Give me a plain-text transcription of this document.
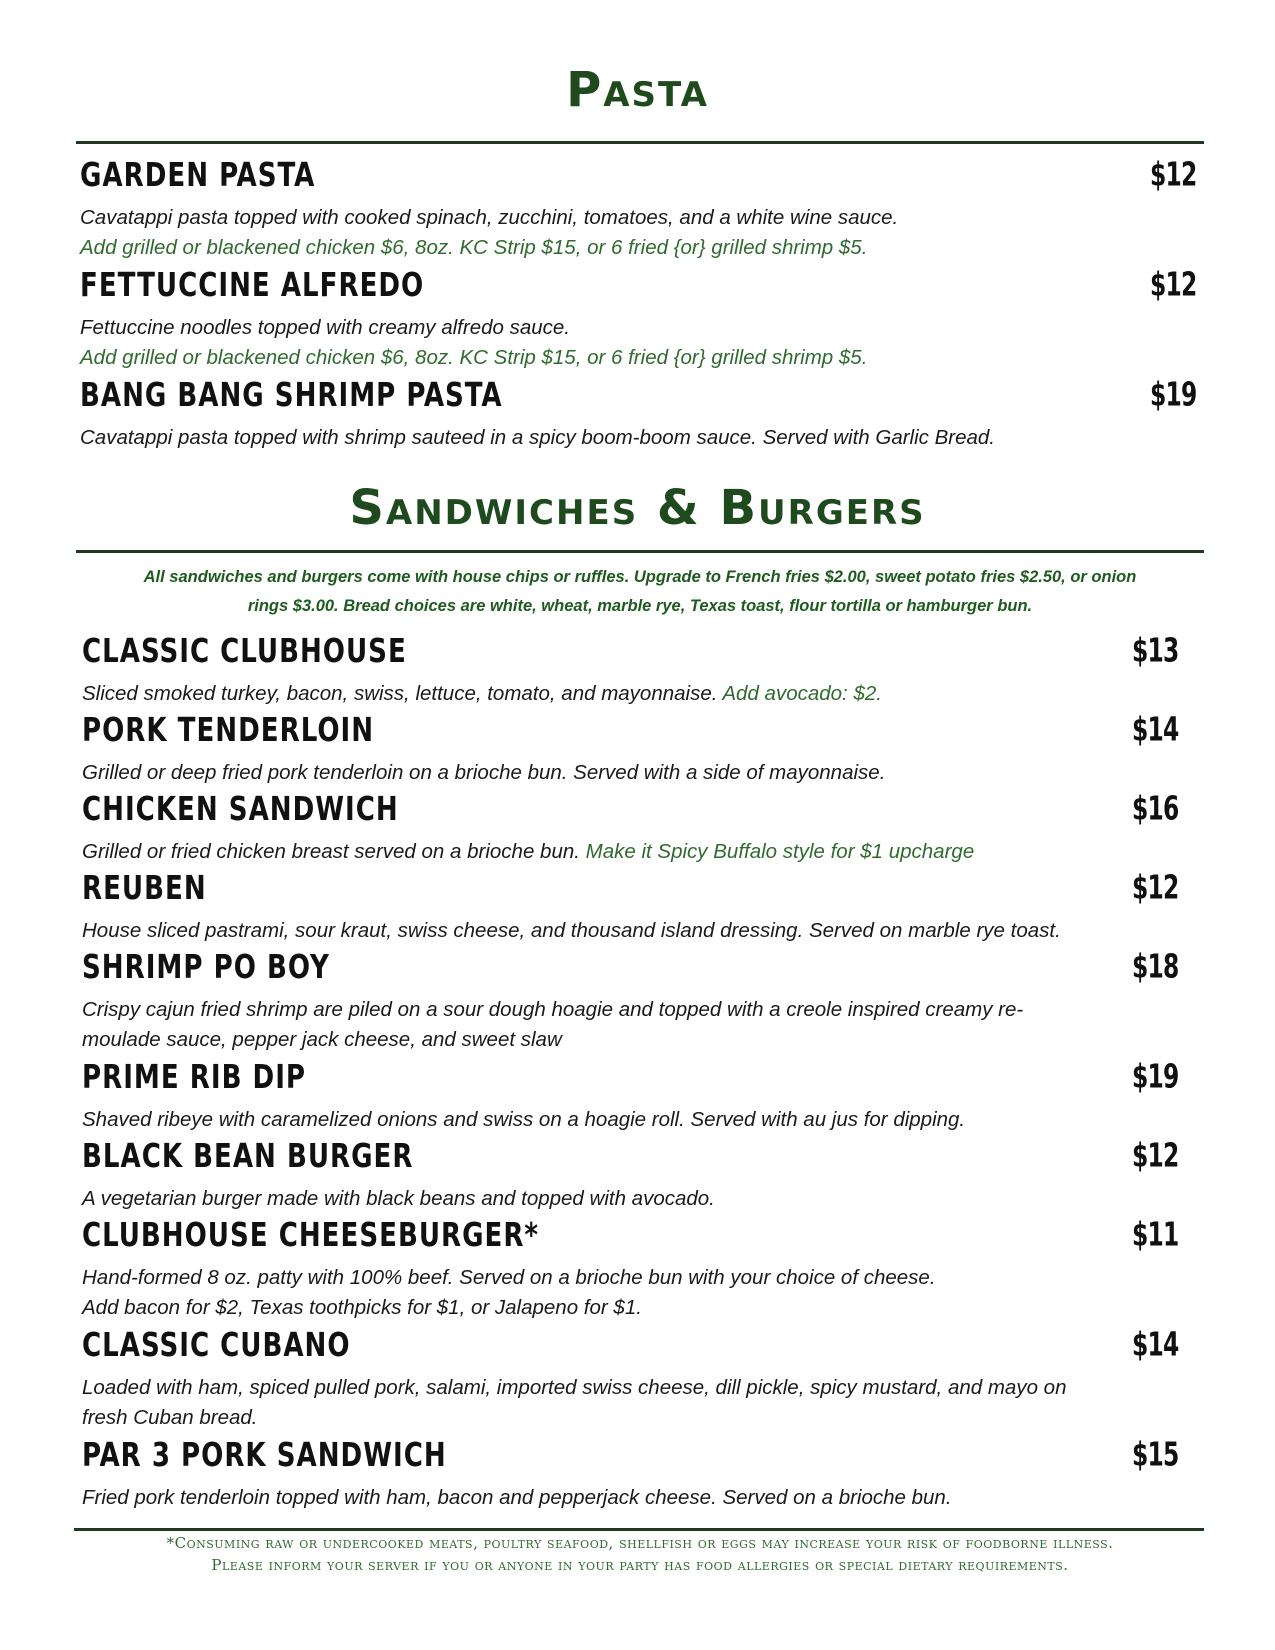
Pasta
GARDEN PASTA	$12
Cavatappi pasta topped with cooked spinach, zucchini, tomatoes, and a white wine sauce.
Add grilled or blackened chicken $6, 8oz. KC Strip $15, or 6 fried {or} grilled shrimp $5.
FETTUCCINE ALFREDO	$12
Fettuccine noodles topped with creamy alfredo sauce.
Add grilled or blackened chicken $6, 8oz. KC Strip $15, or 6 fried {or} grilled shrimp $5.
BANG BANG SHRIMP PASTA	$19
Cavatappi pasta topped with shrimp sauteed in a spicy boom-boom sauce. Served with Garlic Bread.
Sandwiches & Burgers
All sandwiches and burgers come with house chips or ruffles. Upgrade to French fries $2.00, sweet potato fries $2.50, or onion
rings $3.00. Bread choices are white, wheat, marble rye, Texas toast, flour tortilla or hamburger bun.
CLASSIC CLUBHOUSE	$13
Sliced smoked turkey, bacon, swiss, lettuce, tomato, and mayonnaise. Add avocado: $2.
PORK TENDERLOIN	$14
Grilled or deep fried pork tenderloin on a brioche bun. Served with a side of mayonnaise.
CHICKEN SANDWICH	$16
Grilled or fried chicken breast served on a brioche bun. Make it Spicy Buffalo style for $1 upcharge
REUBEN	$12
House sliced pastrami, sour kraut, swiss cheese, and thousand island dressing. Served on marble rye toast.
SHRIMP PO BOY	$18
Crispy cajun fried shrimp are piled on a sour dough hoagie and topped with a creole inspired creamy re-
moulade sauce, pepper jack cheese, and sweet slaw
PRIME RIB DIP	$19
Shaved ribeye with caramelized onions and swiss on a hoagie roll. Served with au jus for dipping.
BLACK BEAN BURGER	$12
A vegetarian burger made with black beans and topped with avocado.
CLUBHOUSE CHEESEBURGER*	$11
Hand-formed 8 oz. patty with 100% beef. Served on a brioche bun with your choice of cheese.
Add bacon for $2, Texas toothpicks for $1, or Jalapeno for $1.
CLASSIC CUBANO	$14
Loaded with ham, spiced pulled pork, salami, imported swiss cheese, dill pickle, spicy mustard, and mayo on
fresh Cuban bread.
PAR 3 PORK SANDWICH	$15
Fried pork tenderloin topped with ham, bacon and pepperjack cheese. Served on a brioche bun.
*Consuming raw or undercooked meats, poultry seafood, shellfish or eggs may increase your risk of foodborne illness.
Please inform your server if you or anyone in your party has food allergies or special dietary requirements.
